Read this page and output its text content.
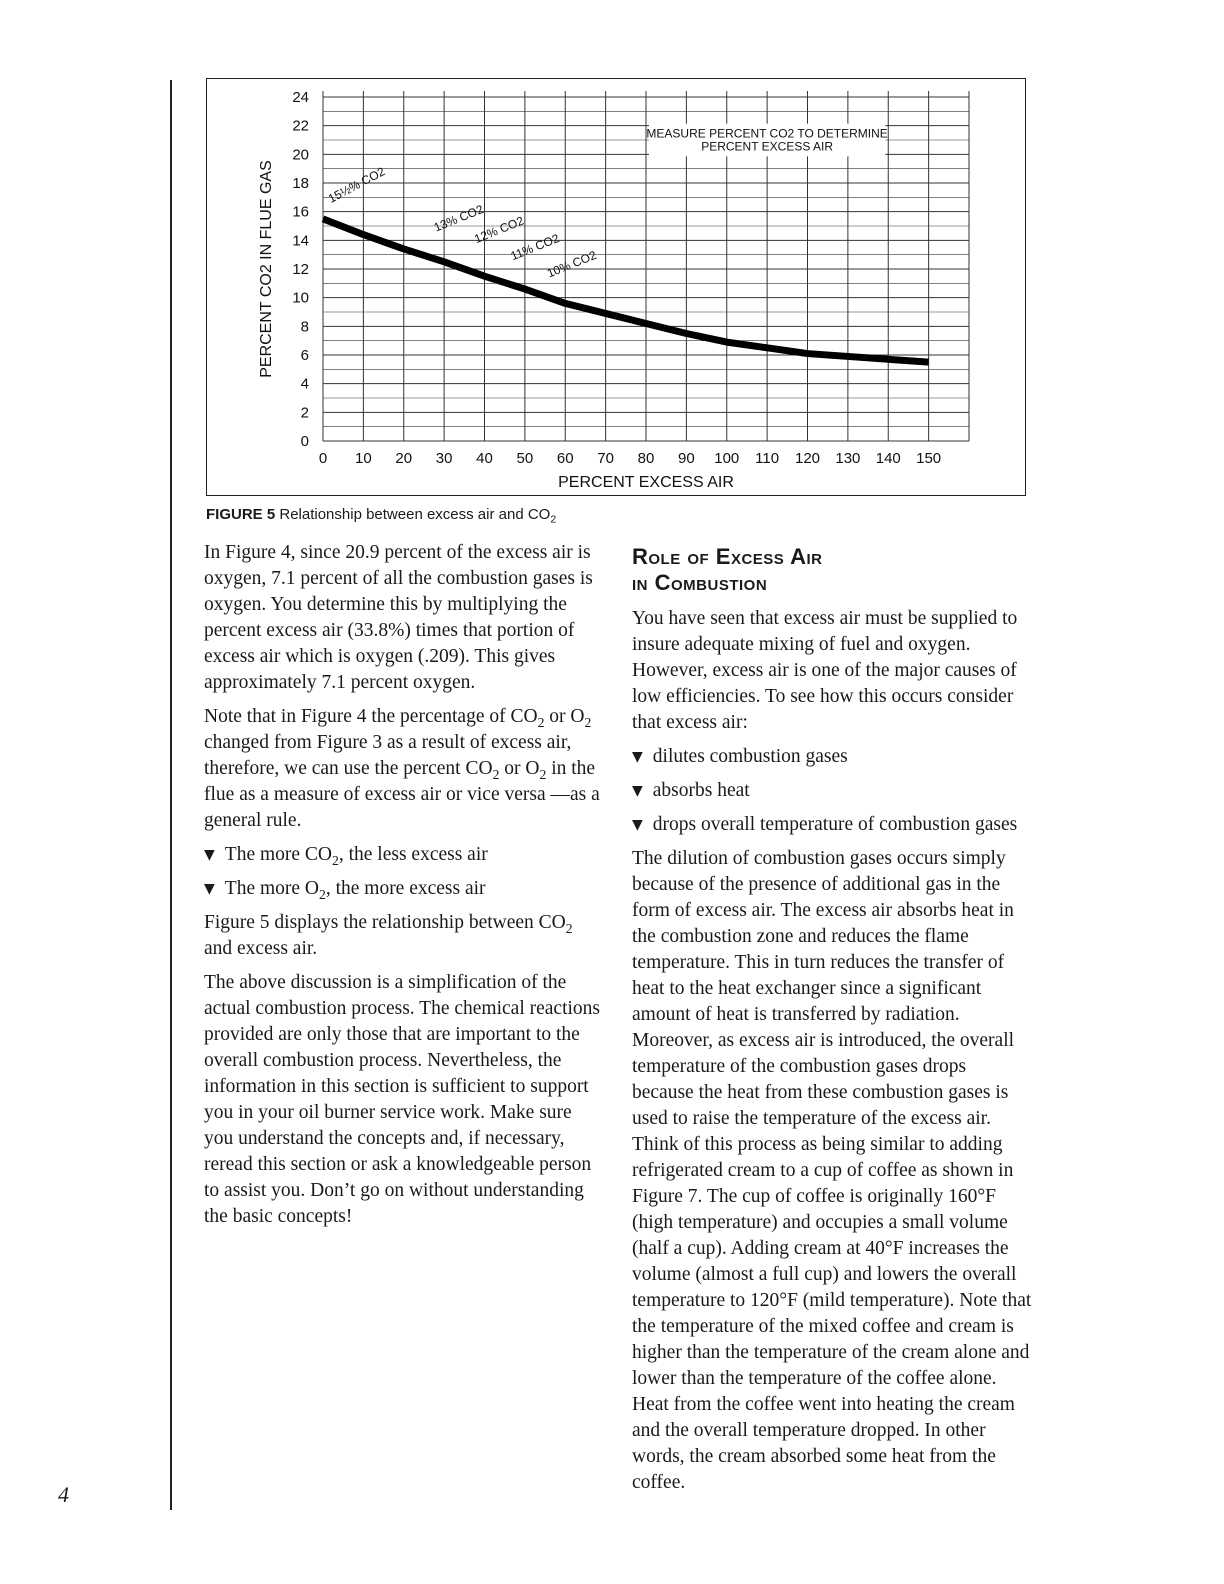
4
MEASURE PERCENT CO2 TO DETERMINE
PERCENT EXCESS AIR
15½% CO2
13% CO2
12% CO2
11% CO2
10% CO2
0
2
4
6
8
10
12
14
16
18
20
22
24
0 10 20 30 40 50 60 70 80 90 100 110 120 130 140 150
PERCENT EXCESS AIR
PERCENT CO2 IN FLUE GAS
FIGURE 5 Relationship between excess air and $CO_2$

In Figure 4, since 20.9 percent of the excess air is oxygen, 7.1 percent of all the combustion gases is oxygen. You determine this by multiplying the percent excess air (33.8%) times that portion of excess air which is oxygen (.209). This gives approximately 7.1 percent oxygen.

Note that in Figure 4 the percentage of $CO_2$ or $O_2$ changed from Figure 3 as a result of excess air, therefore, we can use the percent $CO_2$ or $O_2$ in the flue as a measure of excess air or vice versa —as a general rule.

▼ The more $CO_2$, the less excess air
▼ The more $O_2$, the more excess air

Figure 5 displays the relationship between $CO_2$ and excess air.

The above discussion is a simplification of the actual combustion process. The chemical reactions provided are only those that are important to the overall combustion process. Nevertheless, the information in this section is sufficient to support you in your oil burner service work. Make sure you understand the concepts and, if necessary, reread this section or ask a knowledgeable person to assist you. Don’t go on without understanding the basic concepts!

Role of Excess Air
in Combustion

You have seen that excess air must be supplied to insure adequate mixing of fuel and oxygen. However, excess air is one of the major causes of low efficiencies. To see how this occurs consider that excess air:

▼ dilutes combustion gases
▼ absorbs heat
▼ drops overall temperature of combustion gases

The dilution of combustion gases occurs simply because of the presence of additional gas in the form of excess air. The excess air absorbs heat in the combustion zone and reduces the flame temperature. This in turn reduces the transfer of heat to the heat exchanger since a significant amount of heat is transferred by radiation. Moreover, as excess air is introduced, the overall temperature of the combustion gases drops because the heat from these combustion gases is used to raise the temperature of the excess air. Think of this process as being similar to adding refrigerated cream to a cup of coffee as shown in Figure 7. The cup of coffee is originally 160°F (high temperature) and occupies a small volume (half a cup). Adding cream at 40°F increases the volume (almost a full cup) and lowers the overall temperature to 120°F (mild temperature). Note that the temperature of the mixed coffee and cream is higher than the temperature of the cream alone and lower than the temperature of the coffee alone. Heat from the coffee went into heating the cream and the overall temperature dropped. In other words, the cream absorbed some heat from the coffee.
